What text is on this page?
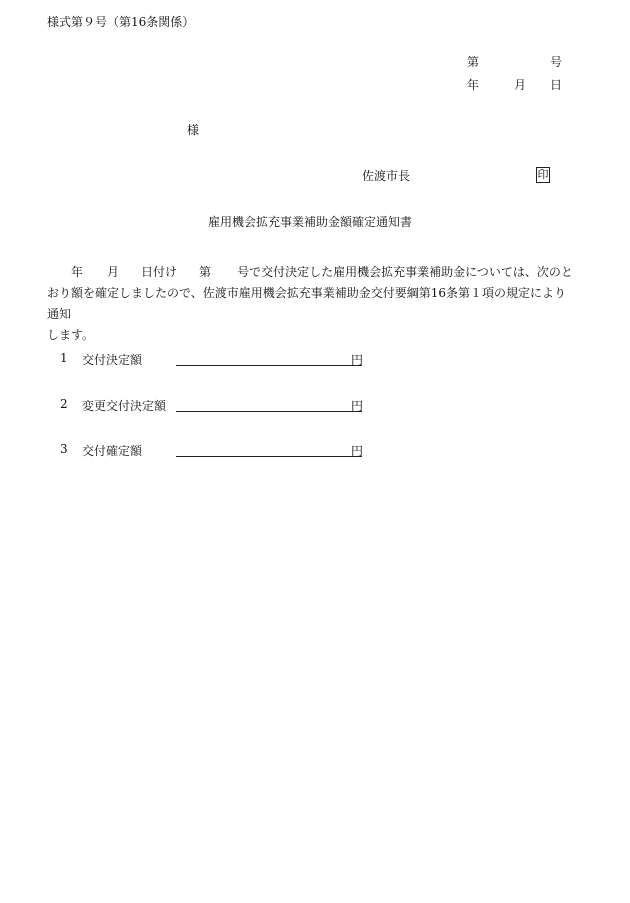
様式第９号（第16条関係）
第	号
年	月 日
様
佐渡市長	印
雇用機会拡充事業補助金額確定通知書

年 月 日付け 第 号で交付決定した雇用機会拡充事業補助金については、次のと

おり額を確定しましたので、佐渡市雇用機会拡充事業補助金交付要綱第16条第１項の規定により通知

します。

1 交付決定額	円
2 変更交付決定額	円
3 交付確定額	円
